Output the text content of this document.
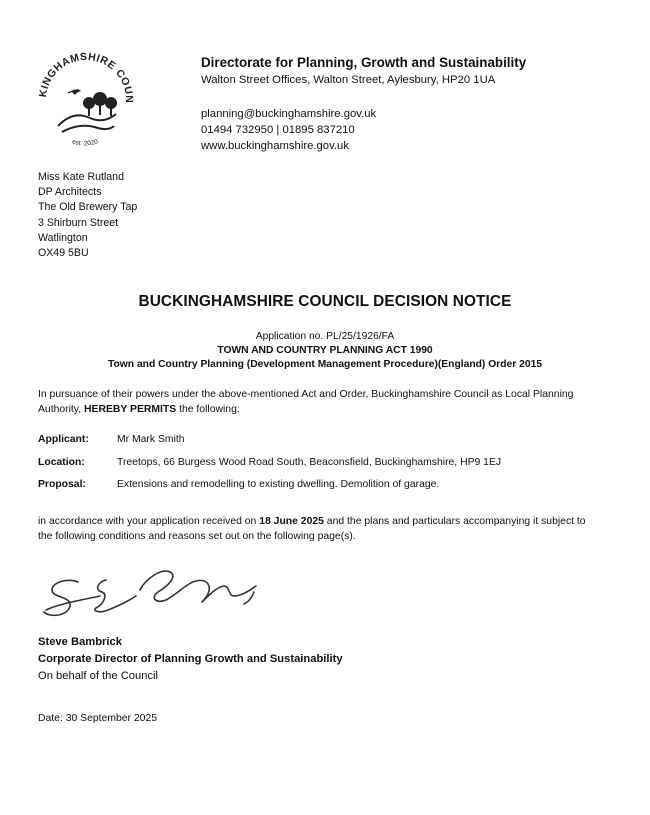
KINGHAMSHIRE COUN
est. 2020
Directorate for Planning, Growth and Sustainability
Walton Street Offices, Walton Street, Aylesbury, HP20 1UA
planning@buckinghamshire.gov.uk
01494 732950 | 01895 837210
www.buckinghamshire.gov.uk
Miss Kate Rutland
DP Architects
The Old Brewery Tap
3 Shirburn Street
Watlington
OX49 5BU
BUCKINGHAMSHIRE COUNCIL DECISION NOTICE
Application no. PL/25/1926/FA
TOWN AND COUNTRY PLANNING ACT 1990
Town and Country Planning (Development Management Procedure)(England) Order 2015
In pursuance of their powers under the above-mentioned Act and Order, Buckinghamshire Council as Local Planning Authority, HEREBY PERMITS the following:
Applicant:	Mr Mark Smith
Location:	Treetops, 66 Burgess Wood Road South, Beaconsfield, Buckinghamshire, HP9 1EJ
Proposal:	Extensions and remodelling to existing dwelling. Demolition of garage.
in accordance with your application received on 18 June 2025 and the plans and particulars accompanying it subject to the following conditions and reasons set out on the following page(s).
Steve Bambrick
Corporate Director of Planning Growth and Sustainability
On behalf of the Council
Date: 30 September 2025
